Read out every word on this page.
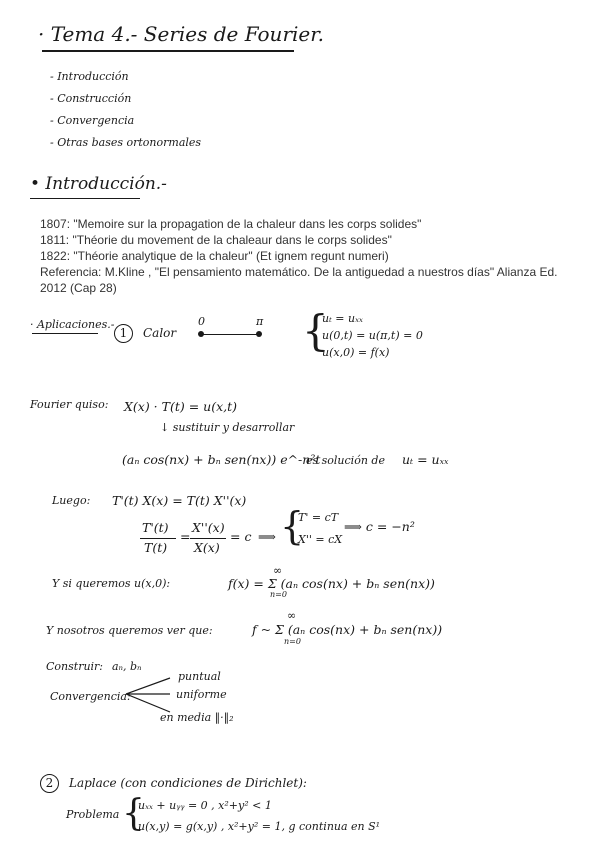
· Tema 4.- Series de Fourier.
- Introducción
- Construcción
- Convergencia
- Otras bases ortonormales
• Introducción.-
1807: "Memoire sur la propagation de la chaleur dans les corps solides"
1811: "Théorie du movement de la chaleaur dans le corps solides"
1822: "Théorie analytique de la chaleur" (Et ignem regunt numeri)
Referencia: M.Kline , "El pensamiento matemático. De la antiguedad a nuestros días" Alianza Ed.
2012 (Cap 28)
· Aplicaciones.-
1 Calor
0	π {
uₜ = uₓₓ
u(0,t) = u(π,t) = 0
u(x,0) = f(x)
Fourier quiso: X(x) · T(t) = u(x,t)
↓ sustituir y desarrollar
(aₙ cos(nx) + bₙ sen(nx)) e^-n²t
es solución de uₜ = uₓₓ
Luego: T'(t) X(x) = T(t) X''(x)
T'(t)
T(t)
=
X''(x)
X(x)
= c ⟹ {
T' = cT
X'' = cX
⟹ c = −n²
Y si queremos u(x,0):
∞
n=0
f(x) = Σ (aₙ cos(nx) + bₙ sen(nx))
Y nosotros queremos ver que:
∞
n=0
f ~ Σ (aₙ cos(nx) + bₙ sen(nx))
Construir: aₙ, bₙ
Convergencia:
puntual
uniforme
en media ‖·‖₂
2 Laplace (con condiciones de Dirichlet):
Problema {
uₓₓ + uᵧᵧ = 0 , x²+y² < 1
u(x,y) = g(x,y) , x²+y² = 1, g continua en S¹
